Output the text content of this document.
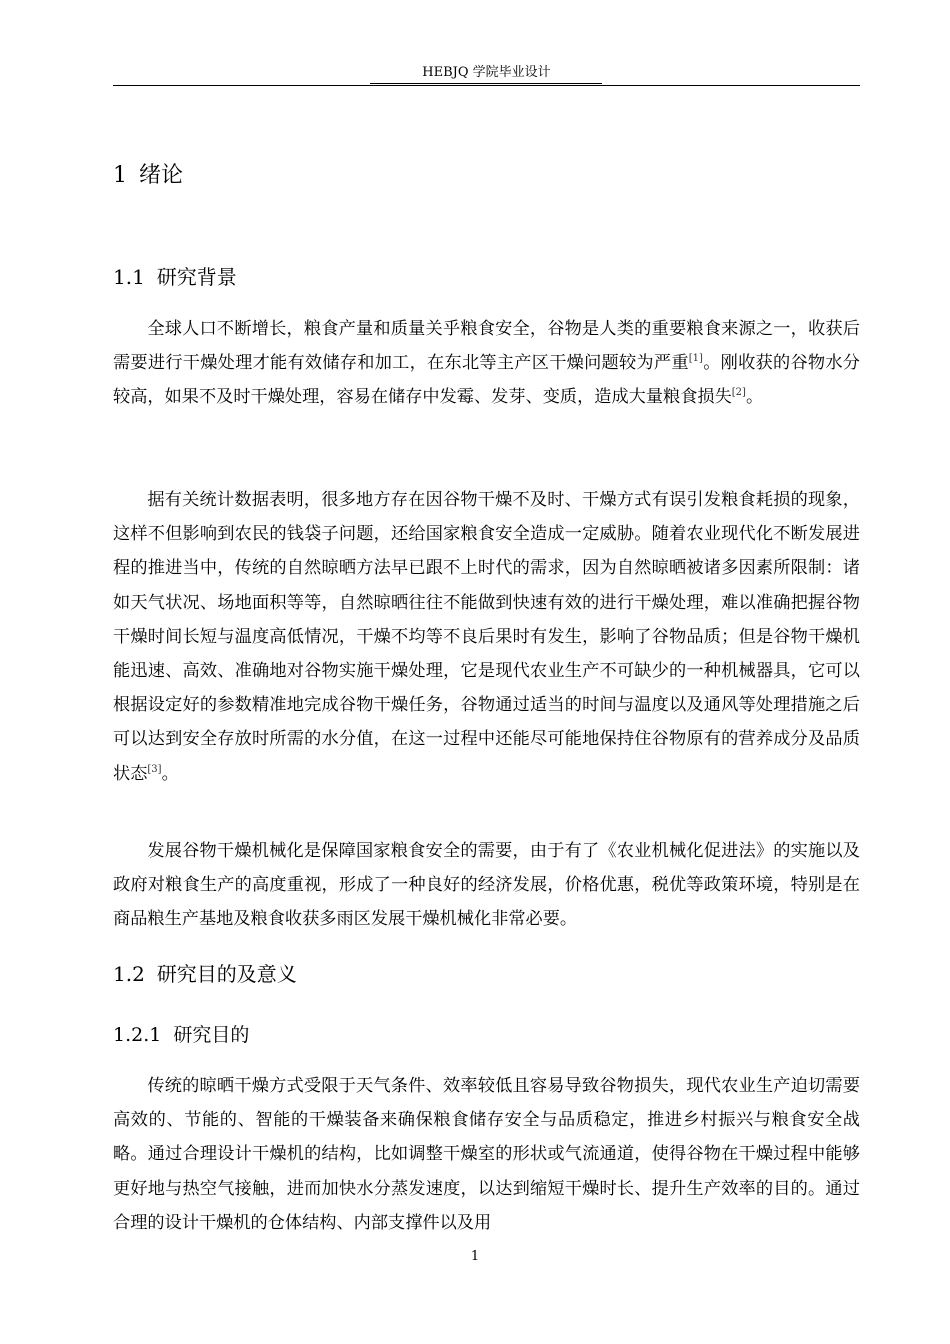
HEBJQ 学院毕业设计
1 绪论
1.1 研究背景

全球人口不断增长，粮食产量和质量关乎粮食安全，谷物是人类的重要粮食来源之一，收获后需要进行干燥处理才能有效储存和加工，在东北等主产区干燥问题较为严重[1]。刚收获的谷物水分较高，如果不及时干燥处理，容易在储存中发霉、发芽、变质，造成大量粮食损失[2]。

据有关统计数据表明，很多地方存在因谷物干燥不及时、干燥方式有误引发粮食耗损的现象，这样不但影响到农民的钱袋子问题，还给国家粮食安全造成一定威胁。随着农业现代化不断发展进程的推进当中，传统的自然晾晒方法早已跟不上时代的需求，因为自然晾晒被诸多因素所限制：诸如天气状况、场地面积等等，自然晾晒往往不能做到快速有效的进行干燥处理，难以准确把握谷物干燥时间长短与温度高低情况，干燥不均等不良后果时有发生，影响了谷物品质；但是谷物干燥机能迅速、高效、准确地对谷物实施干燥处理，它是现代农业生产不可缺少的一种机械器具，它可以根据设定好的参数精准地完成谷物干燥任务，谷物通过适当的时间与温度以及通风等处理措施之后可以达到安全存放时所需的水分值，在这一过程中还能尽可能地保持住谷物原有的营养成分及品质状态[3]。

发展谷物干燥机械化是保障国家粮食安全的需要，由于有了《农业机械化促进法》的实施以及政府对粮食生产的高度重视，形成了一种良好的经济发展，价格优惠，税优等政策环境，特别是在商品粮生产基地及粮食收获多雨区发展干燥机械化非常必要。

1.2 研究目的及意义
1.2.1 研究目的

传统的晾晒干燥方式受限于天气条件、效率较低且容易导致谷物损失，现代农业生产迫切需要高效的、节能的、智能的干燥装备来确保粮食储存安全与品质稳定，推进乡村振兴与粮食安全战略。通过合理设计干燥机的结构，比如调整干燥室的形状或气流通道，使得谷物在干燥过程中能够更好地与热空气接触，进而加快水分蒸发速度，以达到缩短干燥时长、提升生产效率的目的。通过合理的设计干燥机的仓体结构、内部支撑件以及用

1
